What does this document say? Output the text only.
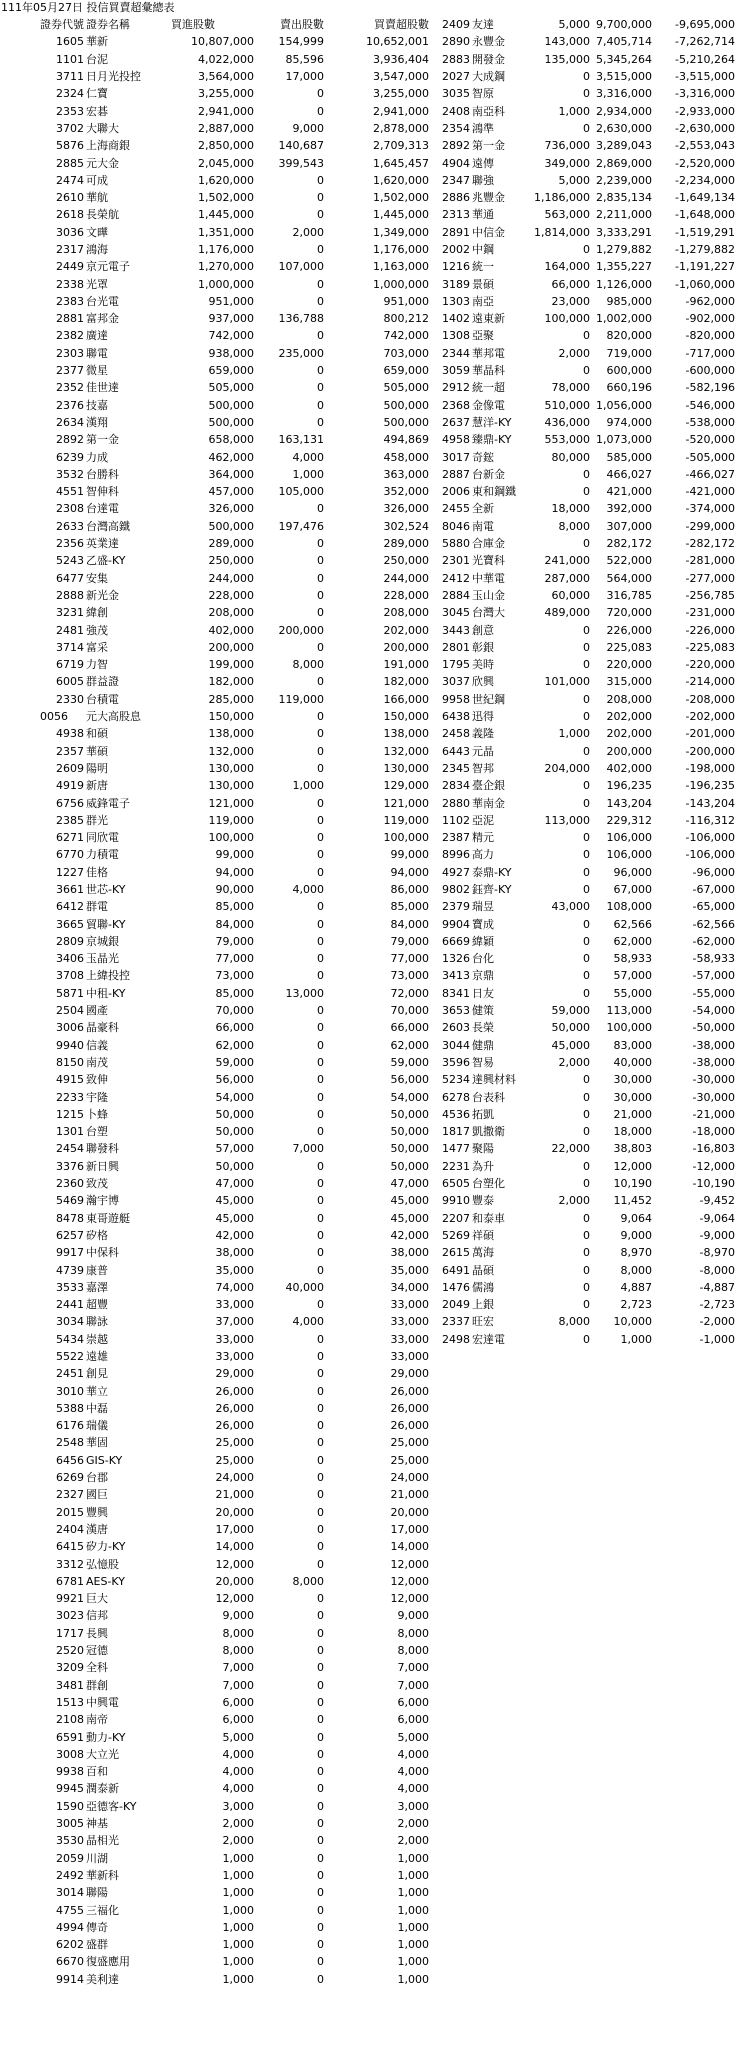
111年05月27日 投信買賣超彙總表
證券代號	證券名稱	買進股數	賣出股數	買賣超股數
1605	華新	10,807,000	154,999	10,652,001
1101	台泥	4,022,000	85,596	3,936,404
3711	日月光投控	3,564,000	17,000	3,547,000
2324	仁寶	3,255,000	0	3,255,000
2353	宏碁	2,941,000	0	2,941,000
3702	大聯大	2,887,000	9,000	2,878,000
5876	上海商銀	2,850,000	140,687	2,709,313
2885	元大金	2,045,000	399,543	1,645,457
2474	可成	1,620,000	0	1,620,000
2610	華航	1,502,000	0	1,502,000
2618	長榮航	1,445,000	0	1,445,000
3036	文曄	1,351,000	2,000	1,349,000
2317	鴻海	1,176,000	0	1,176,000
2449	京元電子	1,270,000	107,000	1,163,000
2338	光罩	1,000,000	0	1,000,000
2383	台光電	951,000	0	951,000
2881	富邦金	937,000	136,788	800,212
2382	廣達	742,000	0	742,000
2303	聯電	938,000	235,000	703,000
2377	微星	659,000	0	659,000
2352	佳世達	505,000	0	505,000
2376	技嘉	500,000	0	500,000
2634	漢翔	500,000	0	500,000
2892	第一金	658,000	163,131	494,869
6239	力成	462,000	4,000	458,000
3532	台勝科	364,000	1,000	363,000
4551	智伸科	457,000	105,000	352,000
2308	台達電	326,000	0	326,000
2633	台灣高鐵	500,000	197,476	302,524
2356	英業達	289,000	0	289,000
5243	乙盛-KY	250,000	0	250,000
6477	安集	244,000	0	244,000
2888	新光金	228,000	0	228,000
3231	緯創	208,000	0	208,000
2481	強茂	402,000	200,000	202,000
3714	富采	200,000	0	200,000
6719	力智	199,000	8,000	191,000
6005	群益證	182,000	0	182,000
2330	台積電	285,000	119,000	166,000
0056	元大高股息	150,000	0	150,000
4938	和碩	138,000	0	138,000
2357	華碩	132,000	0	132,000
2609	陽明	130,000	0	130,000
4919	新唐	130,000	1,000	129,000
6756	威鋒電子	121,000	0	121,000
2385	群光	119,000	0	119,000
6271	同欣電	100,000	0	100,000
6770	力積電	99,000	0	99,000
1227	佳格	94,000	0	94,000
3661	世芯-KY	90,000	4,000	86,000
6412	群電	85,000	0	85,000
3665	貿聯-KY	84,000	0	84,000
2809	京城銀	79,000	0	79,000
3406	玉晶光	77,000	0	77,000
3708	上緯投控	73,000	0	73,000
5871	中租-KY	85,000	13,000	72,000
2504	國產	70,000	0	70,000
3006	晶豪科	66,000	0	66,000
9940	信義	62,000	0	62,000
8150	南茂	59,000	0	59,000
4915	致伸	56,000	0	56,000
2233	宇隆	54,000	0	54,000
1215	卜蜂	50,000	0	50,000
1301	台塑	50,000	0	50,000
2454	聯發科	57,000	7,000	50,000
3376	新日興	50,000	0	50,000
2360	致茂	47,000	0	47,000
5469	瀚宇博	45,000	0	45,000
8478	東哥遊艇	45,000	0	45,000
6257	矽格	42,000	0	42,000
9917	中保科	38,000	0	38,000
4739	康普	35,000	0	35,000
3533	嘉澤	74,000	40,000	34,000
2441	超豐	33,000	0	33,000
3034	聯詠	37,000	4,000	33,000
5434	崇越	33,000	0	33,000
5522	遠雄	33,000	0	33,000
2451	創見	29,000	0	29,000
3010	華立	26,000	0	26,000
5388	中磊	26,000	0	26,000
6176	瑞儀	26,000	0	26,000
2548	華固	25,000	0	25,000
6456	GIS-KY	25,000	0	25,000
6269	台郡	24,000	0	24,000
2327	國巨	21,000	0	21,000
2015	豐興	20,000	0	20,000
2404	漢唐	17,000	0	17,000
6415	矽力-KY	14,000	0	14,000
3312	弘憶股	12,000	0	12,000
6781	AES-KY	20,000	8,000	12,000
9921	巨大	12,000	0	12,000
3023	信邦	9,000	0	9,000
1717	長興	8,000	0	8,000
2520	冠德	8,000	0	8,000
3209	全科	7,000	0	7,000
3481	群創	7,000	0	7,000
1513	中興電	6,000	0	6,000
2108	南帝	6,000	0	6,000
6591	動力-KY	5,000	0	5,000
3008	大立光	4,000	0	4,000
9938	百和	4,000	0	4,000
9945	潤泰新	4,000	0	4,000
1590	亞德客-KY	3,000	0	3,000
3005	神基	2,000	0	2,000
3530	晶相光	2,000	0	2,000
2059	川湖	1,000	0	1,000
2492	華新科	1,000	0	1,000
3014	聯陽	1,000	0	1,000
4755	三福化	1,000	0	1,000
4994	傳奇	1,000	0	1,000
6202	盛群	1,000	0	1,000
6670	復盛應用	1,000	0	1,000
9914	美利達	1,000	0	1,000
2409	友達	5,000	9,700,000	-9,695,000
2890	永豐金	143,000	7,405,714	-7,262,714
2883	開發金	135,000	5,345,264	-5,210,264
2027	大成鋼	0	3,515,000	-3,515,000
3035	智原	0	3,316,000	-3,316,000
2408	南亞科	1,000	2,934,000	-2,933,000
2354	鴻準	0	2,630,000	-2,630,000
2892	第一金	736,000	3,289,043	-2,553,043
4904	遠傳	349,000	2,869,000	-2,520,000
2347	聯強	5,000	2,239,000	-2,234,000
2886	兆豐金	1,186,000	2,835,134	-1,649,134
2313	華通	563,000	2,211,000	-1,648,000
2891	中信金	1,814,000	3,333,291	-1,519,291
2002	中鋼	0	1,279,882	-1,279,882
1216	統一	164,000	1,355,227	-1,191,227
3189	景碩	66,000	1,126,000	-1,060,000
1303	南亞	23,000	985,000	-962,000
1402	遠東新	100,000	1,002,000	-902,000
1308	亞聚	0	820,000	-820,000
2344	華邦電	2,000	719,000	-717,000
3059	華晶科	0	600,000	-600,000
2912	統一超	78,000	660,196	-582,196
2368	金像電	510,000	1,056,000	-546,000
2637	慧洋-KY	436,000	974,000	-538,000
4958	臻鼎-KY	553,000	1,073,000	-520,000
3017	奇鋐	80,000	585,000	-505,000
2887	台新金	0	466,027	-466,027
2006	東和鋼鐵	0	421,000	-421,000
2455	全新	18,000	392,000	-374,000
8046	南電	8,000	307,000	-299,000
5880	合庫金	0	282,172	-282,172
2301	光寶科	241,000	522,000	-281,000
2412	中華電	287,000	564,000	-277,000
2884	玉山金	60,000	316,785	-256,785
3045	台灣大	489,000	720,000	-231,000
3443	創意	0	226,000	-226,000
2801	彰銀	0	225,083	-225,083
1795	美時	0	220,000	-220,000
3037	欣興	101,000	315,000	-214,000
9958	世紀鋼	0	208,000	-208,000
6438	迅得	0	202,000	-202,000
2458	義隆	1,000	202,000	-201,000
6443	元晶	0	200,000	-200,000
2345	智邦	204,000	402,000	-198,000
2834	臺企銀	0	196,235	-196,235
2880	華南金	0	143,204	-143,204
1102	亞泥	113,000	229,312	-116,312
2387	精元	0	106,000	-106,000
8996	高力	0	106,000	-106,000
4927	泰鼎-KY	0	96,000	-96,000
9802	鈺齊-KY	0	67,000	-67,000
2379	瑞昱	43,000	108,000	-65,000
9904	寶成	0	62,566	-62,566
6669	緯穎	0	62,000	-62,000
1326	台化	0	58,933	-58,933
3413	京鼎	0	57,000	-57,000
8341	日友	0	55,000	-55,000
3653	健策	59,000	113,000	-54,000
2603	長榮	50,000	100,000	-50,000
3044	健鼎	45,000	83,000	-38,000
3596	智易	2,000	40,000	-38,000
5234	達興材料	0	30,000	-30,000
6278	台表科	0	30,000	-30,000
4536	拓凱	0	21,000	-21,000
1817	凱撒衛	0	18,000	-18,000
1477	聚陽	22,000	38,803	-16,803
2231	為升	0	12,000	-12,000
6505	台塑化	0	10,190	-10,190
9910	豐泰	2,000	11,452	-9,452
2207	和泰車	0	9,064	-9,064
5269	祥碩	0	9,000	-9,000
2615	萬海	0	8,970	-8,970
6491	晶碩	0	8,000	-8,000
1476	儒鴻	0	4,887	-4,887
2049	上銀	0	2,723	-2,723
2337	旺宏	8,000	10,000	-2,000
2498	宏達電	0	1,000	-1,000
